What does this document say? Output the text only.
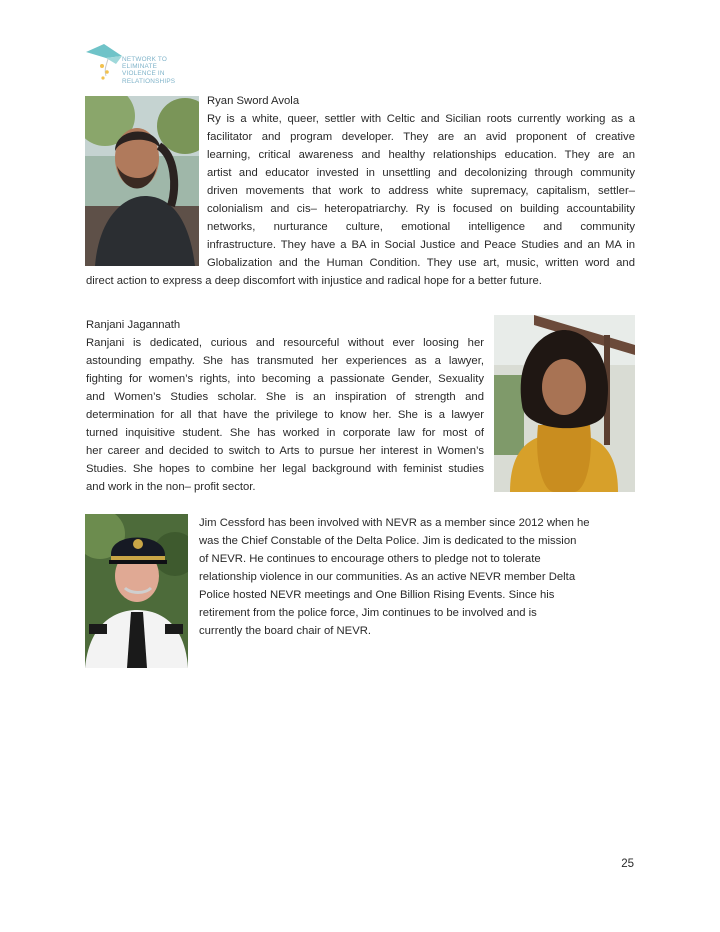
NETWORK TO
ELIMINATE
VIOLENCE IN
RELATIONSHIPS
Ryan Sword Avola
Ry is a white, queer, settler with Celtic and Sicilian roots currently working as a
facilitator and program developer. They are an avid proponent of creative
learning, critical awareness and healthy relationships education. They are an
artist and educator invested in unsettling and decolonizing through community
driven movements that work to address white supremacy, capitalism, settler–
colonialism and cis– heteropatriarchy. Ry is focused on building accountability
networks, nurturance culture, emotional intelligence and community
infrastructure. They have a BA in Social Justice and Peace Studies and an MA in
Globalization and the Human Condition. They use art, music, written word and
direct action to express a deep discomfort with injustice and radical hope for a better future.
Ranjani Jagannath
Ranjani is dedicated, curious and resourceful without ever loosing her
astounding empathy. She has transmuted her experiences as a lawyer,
fighting for women’s rights, into becoming a passionate Gender, Sexuality
and Women’s Studies scholar. She is an inspiration of strength and
determination for all that have the privilege to know her. She is a lawyer
turned inquisitive student. She has worked in corporate law for most of
her career and decided to switch to Arts to pursue her interest in Women’s
Studies. She hopes to combine her legal background with feminist studies
and work in the non– profit sector.
Jim Cessford has been involved with NEVR as a member since 2012 when he
was the Chief Constable of the Delta Police. Jim is dedicated to the mission
of NEVR. He continues to encourage others to pledge not to tolerate
relationship violence in our communities. As an active NEVR member Delta
Police hosted NEVR meetings and One Billion Rising Events. Since his
retirement from the police force, Jim continues to be involved and is
currently the board chair of NEVR.
25
